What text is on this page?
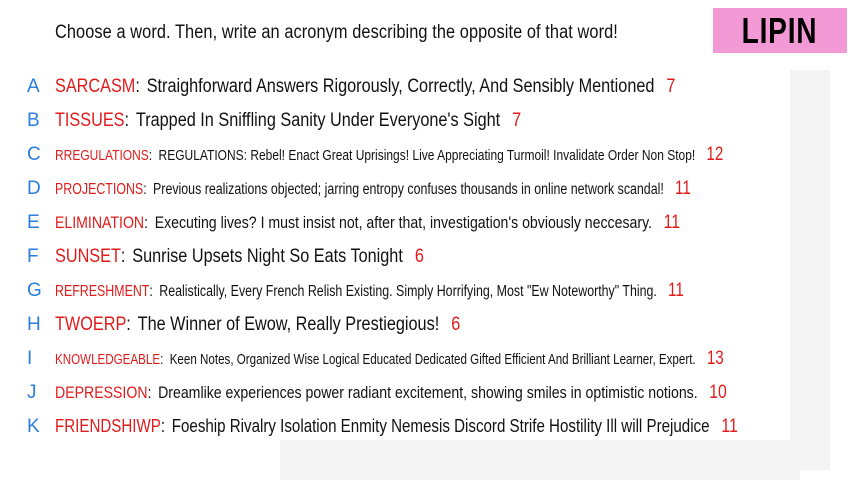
Choose a word. Then, write an acronym describing the opposite of that word!	LIPIN
A SARCASM : Straighforward Answers Rigorously, Correctly, And Sensibly Mentioned 7
B TISSUES : Trapped In Sniffling Sanity Under Everyone's Sight 7
C RREGULATIONS : REGULATIONS: Rebel! Enact Great Uprisings! Live Appreciating Turmoil! Invalidate Order Non Stop! 12
D PROJECTIONS : Previous realizations objected; jarring entropy confuses thousands in online network scandal! 11
E ELIMINATION : Executing lives? I must insist not, after that, investigation's obviously neccesary. 11
F SUNSET : Sunrise Upsets Night So Eats Tonight 6
G REFRESHMENT : Realistically, Every French Relish Existing. Simply Horrifying, Most "Ew Noteworthy" Thing. 11
H TWOERP : The Winner of Ewow, Really Prestiegious! 6
I	KNOWLEDGEABLE : Keen Notes, Organized Wise Logical Educated Dedicated Gifted Efficient And Brilliant Learner, Expert. 13
J	DEPRESSION : Dreamlike experiences power radiant excitement, showing smiles in optimistic notions. 10
K FRIENDSHIWP : Foeship Rivalry Isolation Enmity Nemesis Discord Strife Hostility Ill will Prejudice 11
